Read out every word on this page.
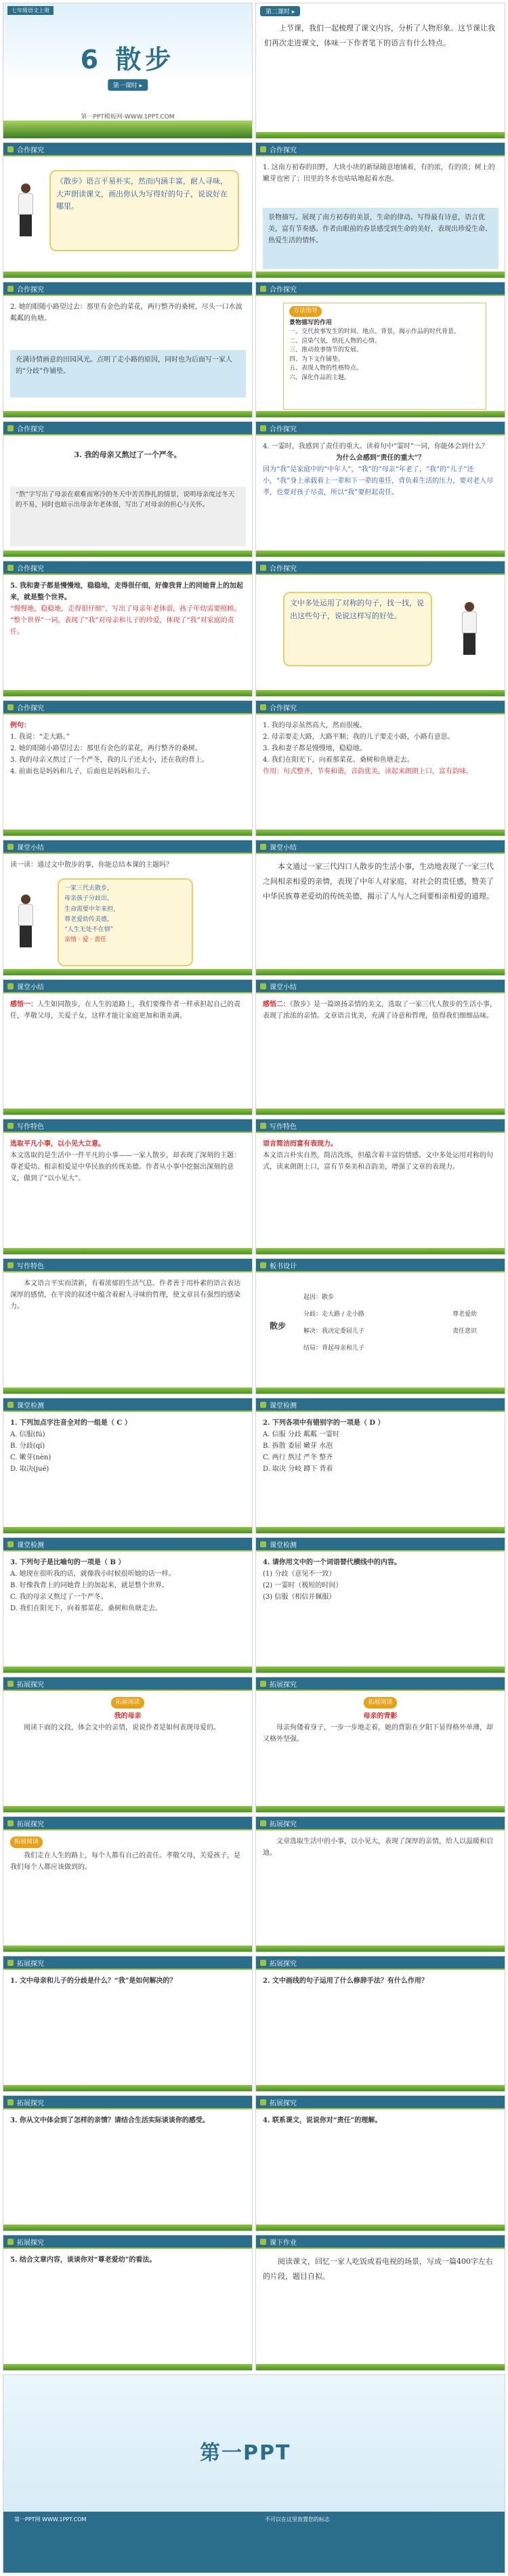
七年级语文上册
6 散步
第一课时 ▸
第一PPT模板网-WWW.1PPT.COM
第二课时 ▸
上节课，我们一起梳理了课文内容，分析了人物形象。这节课让我们再次走进课文，体味一下作者笔下的语言有什么特点。
合作探究
《散步》语言平易朴实，然而内涵丰富，耐人寻味，大声朗读课文，画出你认为写得好的句子，说说好在哪里。
合作探究
1. 这南方初春的田野，大块小块的新绿随意地铺着，有的浓，有的淡；树上的嫩芽也密了；田里的冬水也咕咕地起着水泡。
景物描写。展现了南方初春的美景，生命的律动。写得最有诗意，语言优美，富有节奏感。作者由眼前的春景感受到生命的美好，表现出珍爱生命、热爱生活的情怀。
合作探究
2. 她的眼随小路望过去：那里有金色的菜花，两行整齐的桑树，尽头一口水波粼粼的鱼塘。
充满诗情画意的田园风光。点明了走小路的原因，同时也为后面写一家人的“分歧”作铺垫。
合作探究
方法指导
景物描写的作用
一、交代故事发生的时间、地点、背景，揭示作品的时代背景。
二、渲染气氛，烘托人物的心情。
三、推动故事情节的发展。
四、为下文作铺垫。
五、表现人物的性格特点。
六、深化作品的主题。
合作探究
3. 我的母亲又熬过了一个严冬。
“熬”字写出了母亲在艰难而寒冷的冬天中苦苦挣扎的情景，说明母亲度过冬天的不易，同时也暗示出母亲年老体弱，写出了对母亲的担心与关怀。
合作探究
4. 一霎时，我感到了责任的重大。读着句中“霎时”一词，你能体会到什么？
为什么会感到“责任的重大”？
因为“我”是家庭中的“中年人”，“我”的“母亲”年老了，“我”的“儿子”还小，“我”身上承载着上一辈和下一辈的重任，背负着生活的压力，要对老人尽孝，也要对孩子尽责，所以“我”要担起责任。
合作探究
5. 我和妻子都是慢慢地，稳稳地，走得很仔细，好像我背上的同她背上的加起来，就是整个世界。
“慢慢地，稳稳地，走得很仔细”，写出了母亲年老体弱，孩子年幼需要照顾。
“整个世界”一词，表现了“我”对母亲和儿子的珍爱，体现了“我”对家庭的责任。
合作探究
文中多处运用了对称的句子，找一找，说出这些句子，说说这样写的好处。
合作探究
例句：
1. 我说：“走大路。”
2. 她的眼随小路望过去：那里有金色的菜花，两行整齐的桑树。
3. 我的母亲又熬过了一个严冬，我的儿子还太小，还在我的背上。
4. 前面也是妈妈和儿子，后面也是妈妈和儿子。
合作探究
1. 我的母亲虽然高大，然而很瘦。
2. 母亲要走大路，大路平顺；我的儿子要走小路，小路有意思。
3. 我和妻子都是慢慢地，稳稳地。
4. 我们在阳光下，向着那菜花、桑树和鱼塘走去。
作用：句式整齐，节奏和谐，音韵优美，读起来朗朗上口，富有韵味。
课堂小结
读一读：通过文中散步的事，你能总结本课的主题吗？
一家三代去散步，
母亲孩子分歧出，
生命需要中年来担，
尊老爱幼传美德，
“人生无处不在情”
亲情 · 爱 · 责任
课堂小结
本文通过一家三代四口人散步的生活小事，生动地表现了一家三代之间相亲相爱的亲情，表现了中年人对家庭、对社会的责任感，赞美了中华民族尊老爱幼的传统美德，揭示了人与人之间要相亲相爱的道理。
课堂小结
感悟一：人生如同散步，在人生的道路上，我们要像作者一样承担起自己的责任，孝敬父母，关爱子女，这样才能让家庭更加和谐美满。
课堂小结
感悟二：《散步》是一篇颂扬亲情的美文，选取了一家三代人散步的生活小事，表现了浓浓的亲情。文章语言优美，充满了诗意和哲理，值得我们细细品味。
写作特色
选取平凡小事，以小见大立意。
本文选取的是生活中一件平凡的小事——一家人散步，却表现了深刻的主题：尊老爱幼、相亲相爱是中华民族的传统美德。作者从小事中挖掘出深刻的意义，做到了“以小见大”。
写作特色
语言简洁而富有表现力。
本文语言朴实自然，简洁洗练，但蕴含着丰富的情感。文中多处运用对称的句式，读来朗朗上口，富有节奏美和音韵美，增强了文章的表现力。
写作特色
本文语言平实而清新，有着浓郁的生活气息。作者善于用朴素的语言表达深厚的感情，在平淡的叙述中蕴含着耐人寻味的哲理，使文章具有强烈的感染力。
板书设计
散步
起因：散步
分歧：走大路 / 走小路
解决：我决定委屈儿子
结局：背起母亲和儿子
尊老爱幼
责任意识
课堂检测
1. 下列加点字注音全对的一组是（ C ）
A. 信服(fú)
B. 分歧(qí)
C. 嫩芽(nèn)
D. 取决(jué)
课堂检测
2. 下列各项中有错别字的一项是（ D ）
A. 信服 分歧 粼粼 一霎时
B. 拆散 委屈 嫩芽 水泡
C. 两行 熬过 严冬 整齐
D. 取决 分岐 蹲下 背着
课堂检测
3. 下列句子是比喻句的一项是（ B ）
A. 她现在很听我的话，就像我小时候很听她的话一样。
B. 好像我背上的同她背上的加起来，就是整个世界。
C. 我的母亲又熬过了一个严冬。
D. 我们在阳光下，向着那菜花、桑树和鱼塘走去。
课堂检测
4. 请你用文中的一个词语替代横线中的内容。
(1) 分歧（意见不一致）
(2) 一霎时（极短的时间）
(3) 信服（相信并佩服）
拓展探究
拓展阅读
我的母亲
阅读下面的文段，体会文中的亲情，说说作者是如何表现母爱的。
拓展探究
拓展阅读
母亲的背影
母亲佝偻着身子，一步一步地走着，她的背影在夕阳下显得格外单薄，却又格外坚强。
拓展探究
拓展阅读
我们走在人生的路上，每个人都有自己的责任。孝敬父母，关爱孩子，是我们每个人都应该做到的。
拓展探究
文章选取生活中的小事，以小见大，表现了深厚的亲情，给人以温暖和启迪。
拓展探究
1. 文中母亲和儿子的分歧是什么？“我”是如何解决的？
拓展探究
2. 文中画线的句子运用了什么修辞手法？有什么作用？
拓展探究
3. 你从文中体会到了怎样的亲情？请结合生活实际谈谈你的感受。
拓展探究
4. 联系课文，说说你对“责任”的理解。
拓展探究
5. 结合文章内容，谈谈你对“尊老爱幼”的看法。
课下作业
阅读课文，回忆一家人吃饭或看电视的场景，写成一篇400字左右的片段，题目自拟。
第一PPT
第一PPT网 WWW.1PPT.COM	不可以在这里放置您的标志
